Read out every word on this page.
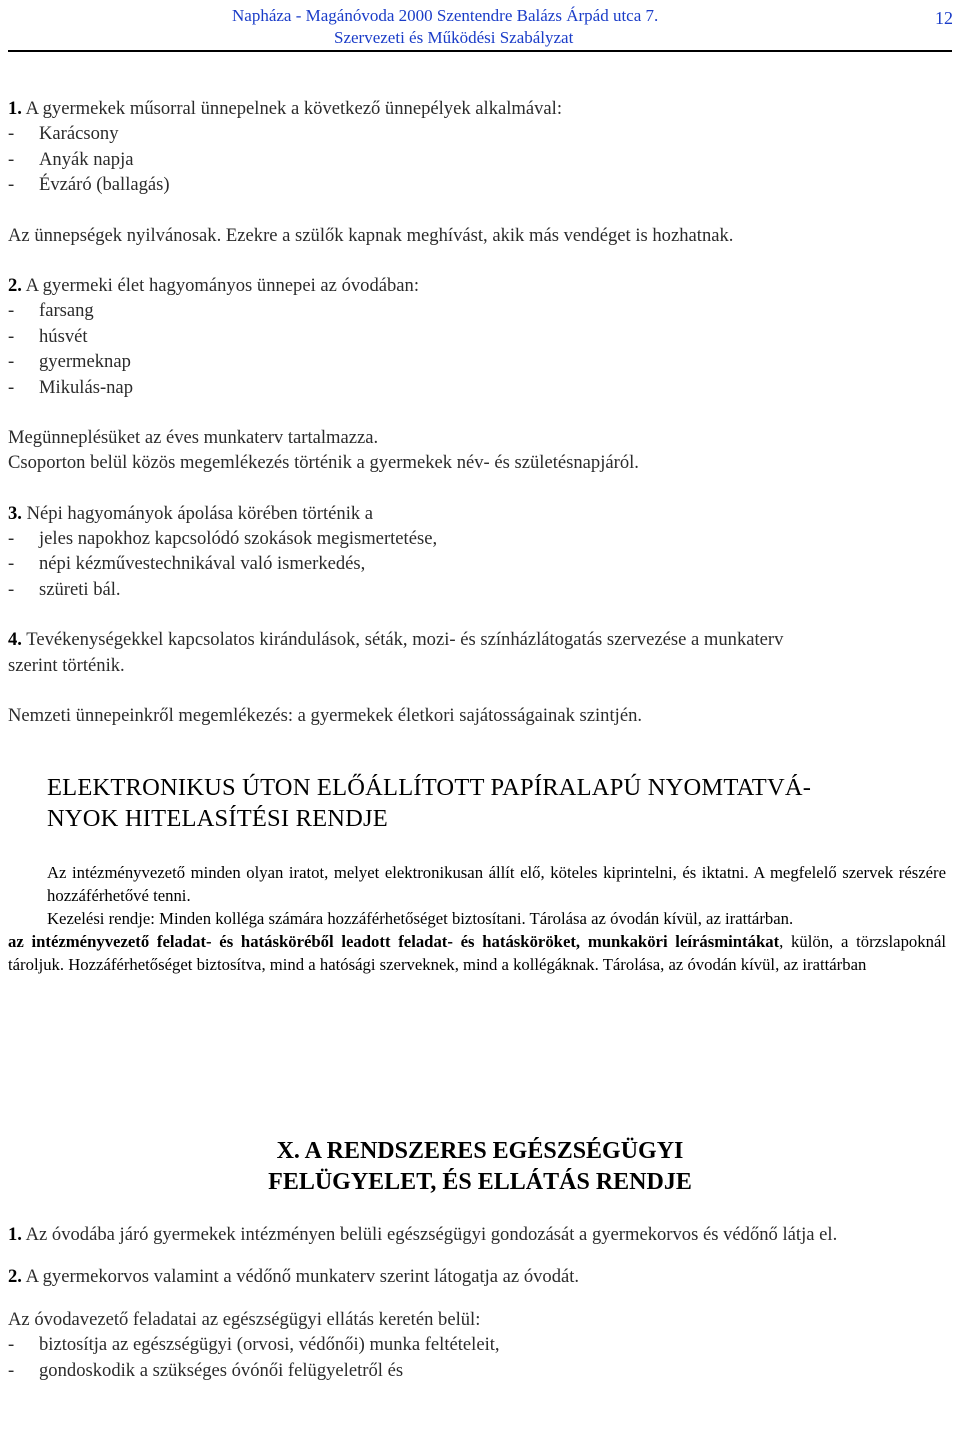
Napháza - Magánóvoda 2000 Szentendre Balázs Árpád utca 7.
Szervezeti és Működési Szabályzat
12
1. A gyermekek műsorral ünnepelnek a következő ünnepélyek alkalmával:
- Karácsony
- Anyák napja
- Évzáró (ballagás)
Az ünnepségek nyilvánosak. Ezekre a szülők kapnak meghívást, akik más vendéget is hozhatnak.
2. A gyermeki élet hagyományos ünnepei az óvodában:
- farsang
- húsvét
- gyermeknap
- Mikulás-nap
Megünneplésüket az éves munkaterv tartalmazza.
Csoporton belül közös megemlékezés történik a gyermekek név- és születésnapjáról.
3. Népi hagyományok ápolása körében történik a
- jeles napokhoz kapcsolódó szokások megismertetése,
- népi kézművestechnikával való ismerkedés,
- szüreti bál.
4. Tevékenységekkel kapcsolatos kirándulások, séták, mozi- és színházlátogatás szervezése a munkaterv
szerint történik.
Nemzeti ünnepeinkről megemlékezés: a gyermekek életkori sajátosságainak szintjén.
ELEKTRONIKUS ÚTON ELŐÁLLÍTOTT PAPÍRALAPÚ NYOMTATVÁ-
NYOK HITELASÍTÉSI RENDJE
Az intézményvezető minden olyan iratot, melyet elektronikusan állít elő, köteles kiprintelni, és iktatni. A megfelelő szervek részére hozzáférhetővé tenni.
Kezelési rendje: Minden kolléga számára hozzáférhetőséget biztosítani. Tárolása az óvodán kívül, az irattárban.
az intézményvezető feladat- és hatásköréből leadott feladat- és hatásköröket, munkaköri leírásmintákat, külön, a törzslapoknál tároljuk. Hozzáférhetőséget biztosítva, mind a hatósági szerveknek, mind a kollégáknak. Tárolása, az óvodán kívül, az irattárban
X. A RENDSZERES EGÉSZSÉGÜGYI
FELÜGYELET, ÉS ELLÁTÁS RENDJE
1. Az óvodába járó gyermekek intézményen belüli egészségügyi gondozását a gyermekorvos és védőnő látja el.
2. A gyermekorvos valamint a védőnő munkaterv szerint látogatja az óvodát.
Az óvodavezető feladatai az egészségügyi ellátás keretén belül:
- biztosítja az egészségügyi (orvosi, védőnői) munka feltételeit,
- gondoskodik a szükséges óvónői felügyeletről és
